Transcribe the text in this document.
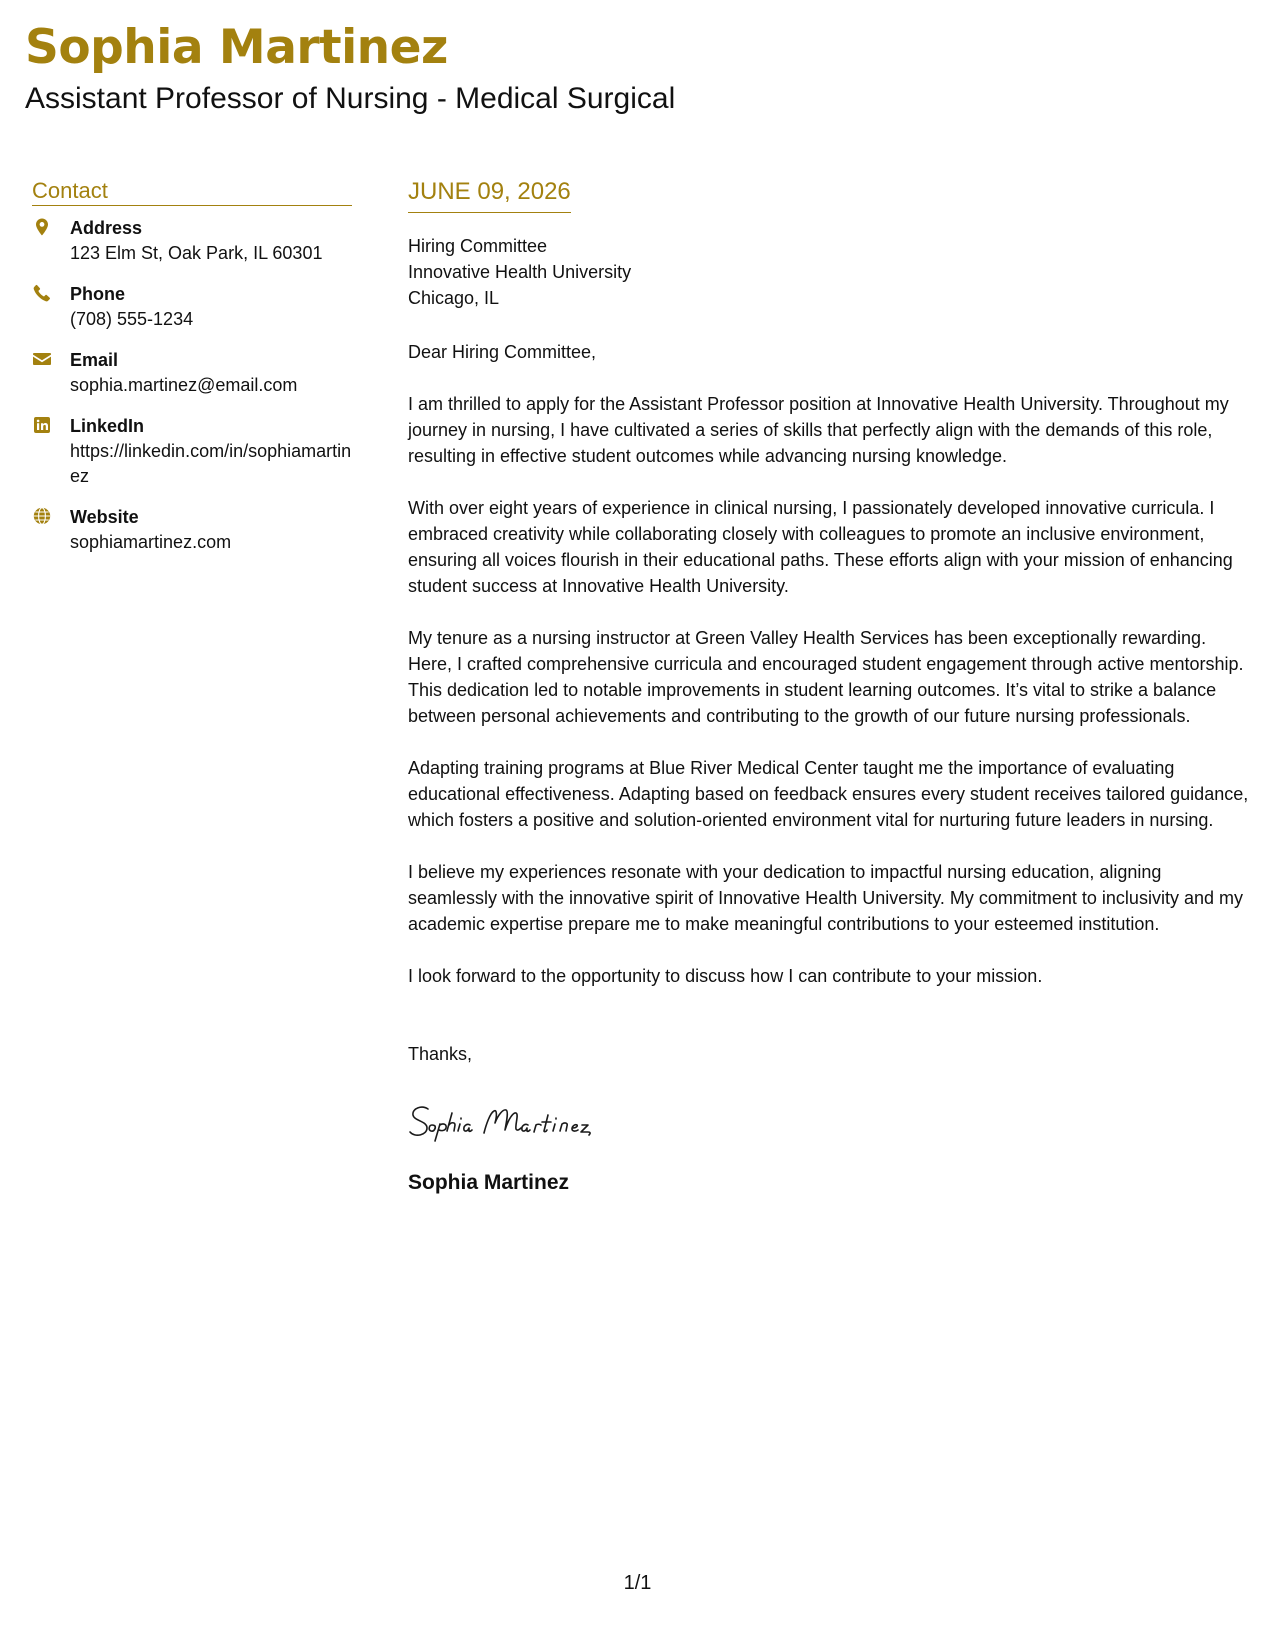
Sophia Martinez
Assistant Professor of Nursing - Medical Surgical
Contact
Address
123 Elm St, Oak Park, IL 60301
Phone
(708) 555-1234
Email
sophia.martinez@email.com
LinkedIn
https://linkedin.com/in/sophiamartinez
Website
sophiamartinez.com
JUNE 09, 2026
Hiring Committee
Innovative Health University
Chicago, IL
Dear Hiring Committee,

I am thrilled to apply for the Assistant Professor position at Innovative Health University. Throughout my journey in nursing, I have cultivated a series of skills that perfectly align with the demands of this role, resulting in effective student outcomes while advancing nursing knowledge.

With over eight years of experience in clinical nursing, I passionately developed innovative curricula. I embraced creativity while collaborating closely with colleagues to promote an inclusive environment, ensuring all voices flourish in their educational paths. These efforts align with your mission of enhancing student success at Innovative Health University.

My tenure as a nursing instructor at Green Valley Health Services has been exceptionally rewarding. Here, I crafted comprehensive curricula and encouraged student engagement through active mentorship. This dedication led to notable improvements in student learning outcomes. It’s vital to strike a balance between personal achievements and contributing to the growth of our future nursing professionals.

Adapting training programs at Blue River Medical Center taught me the importance of evaluating educational effectiveness. Adapting based on feedback ensures every student receives tailored guidance, which fosters a positive and solution-oriented environment vital for nurturing future leaders in nursing.

I believe my experiences resonate with your dedication to impactful nursing education, aligning seamlessly with the innovative spirit of Innovative Health University. My commitment to inclusivity and my academic expertise prepare me to make meaningful contributions to your esteemed institution.

I look forward to the opportunity to discuss how I can contribute to your mission.

Thanks,
Sophia Martinez
1/1
